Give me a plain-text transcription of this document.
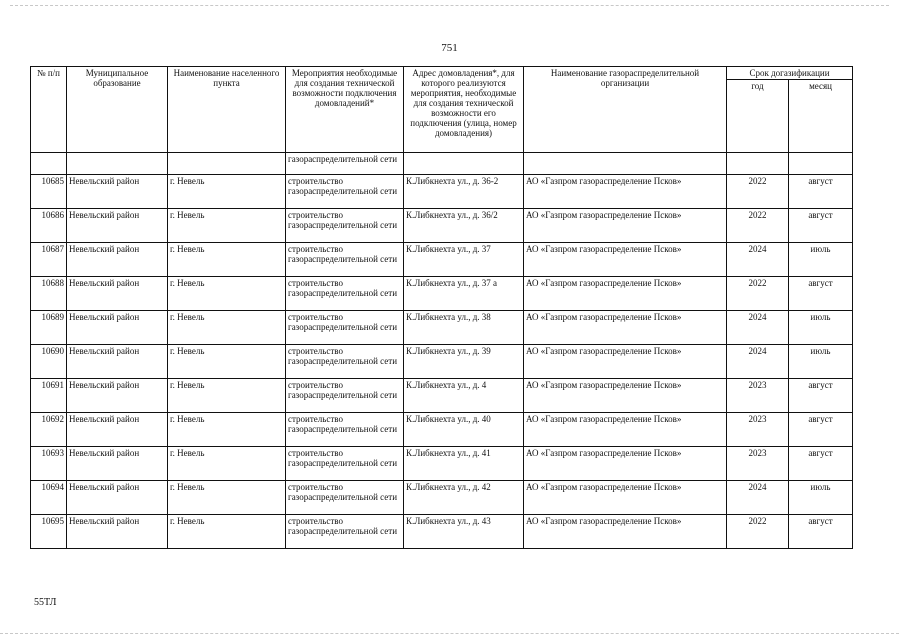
751
№ п/п	Муниципальное образование	Наименование населенного пункта	Мероприятия необходимые для создания технической возможности подключения домовладений*	Адрес домовладения*, для которого реализуются мероприятия, необходимые для создания технической возможности его подключения (улица, номер домовладения)	Наименование газораспределительной организации	Срок догазификации	
						год	месяц
			газораспределительной сети				
10685	Невельский район	г. Невель	строительство газораспределительной сети	К.Либкнехта ул., д. 36-2	АО «Газпром газораспределение Псков»	2022	август
10686	Невельский район	г. Невель	строительство газораспределительной сети	К.Либкнехта ул., д. 36/2	АО «Газпром газораспределение Псков»	2022	август
10687	Невельский район	г. Невель	строительство газораспределительной сети	К.Либкнехта ул., д. 37	АО «Газпром газораспределение Псков»	2024	июль
10688	Невельский район	г. Невель	строительство газораспределительной сети	К.Либкнехта ул., д. 37 а	АО «Газпром газораспределение Псков»	2022	август
10689	Невельский район	г. Невель	строительство газораспределительной сети	К.Либкнехта ул., д. 38	АО «Газпром газораспределение Псков»	2024	июль
10690	Невельский район	г. Невель	строительство газораспределительной сети	К.Либкнехта ул., д. 39	АО «Газпром газораспределение Псков»	2024	июль
10691	Невельский район	г. Невель	строительство газораспределительной сети	К.Либкнехта ул., д. 4	АО «Газпром газораспределение Псков»	2023	август
10692	Невельский район	г. Невель	строительство газораспределительной сети	К.Либкнехта ул., д. 40	АО «Газпром газораспределение Псков»	2023	август
10693	Невельский район	г. Невель	строительство газораспределительной сети	К.Либкнехта ул., д. 41	АО «Газпром газораспределение Псков»	2023	август
10694	Невельский район	г. Невель	строительство газораспределительной сети	К.Либкнехта ул., д. 42	АО «Газпром газораспределение Псков»	2024	июль
10695	Невельский район	г. Невель	строительство газораспределительной сети	К.Либкнехта ул., д. 43	АО «Газпром газораспределение Псков»	2022	август
55ТЛ
